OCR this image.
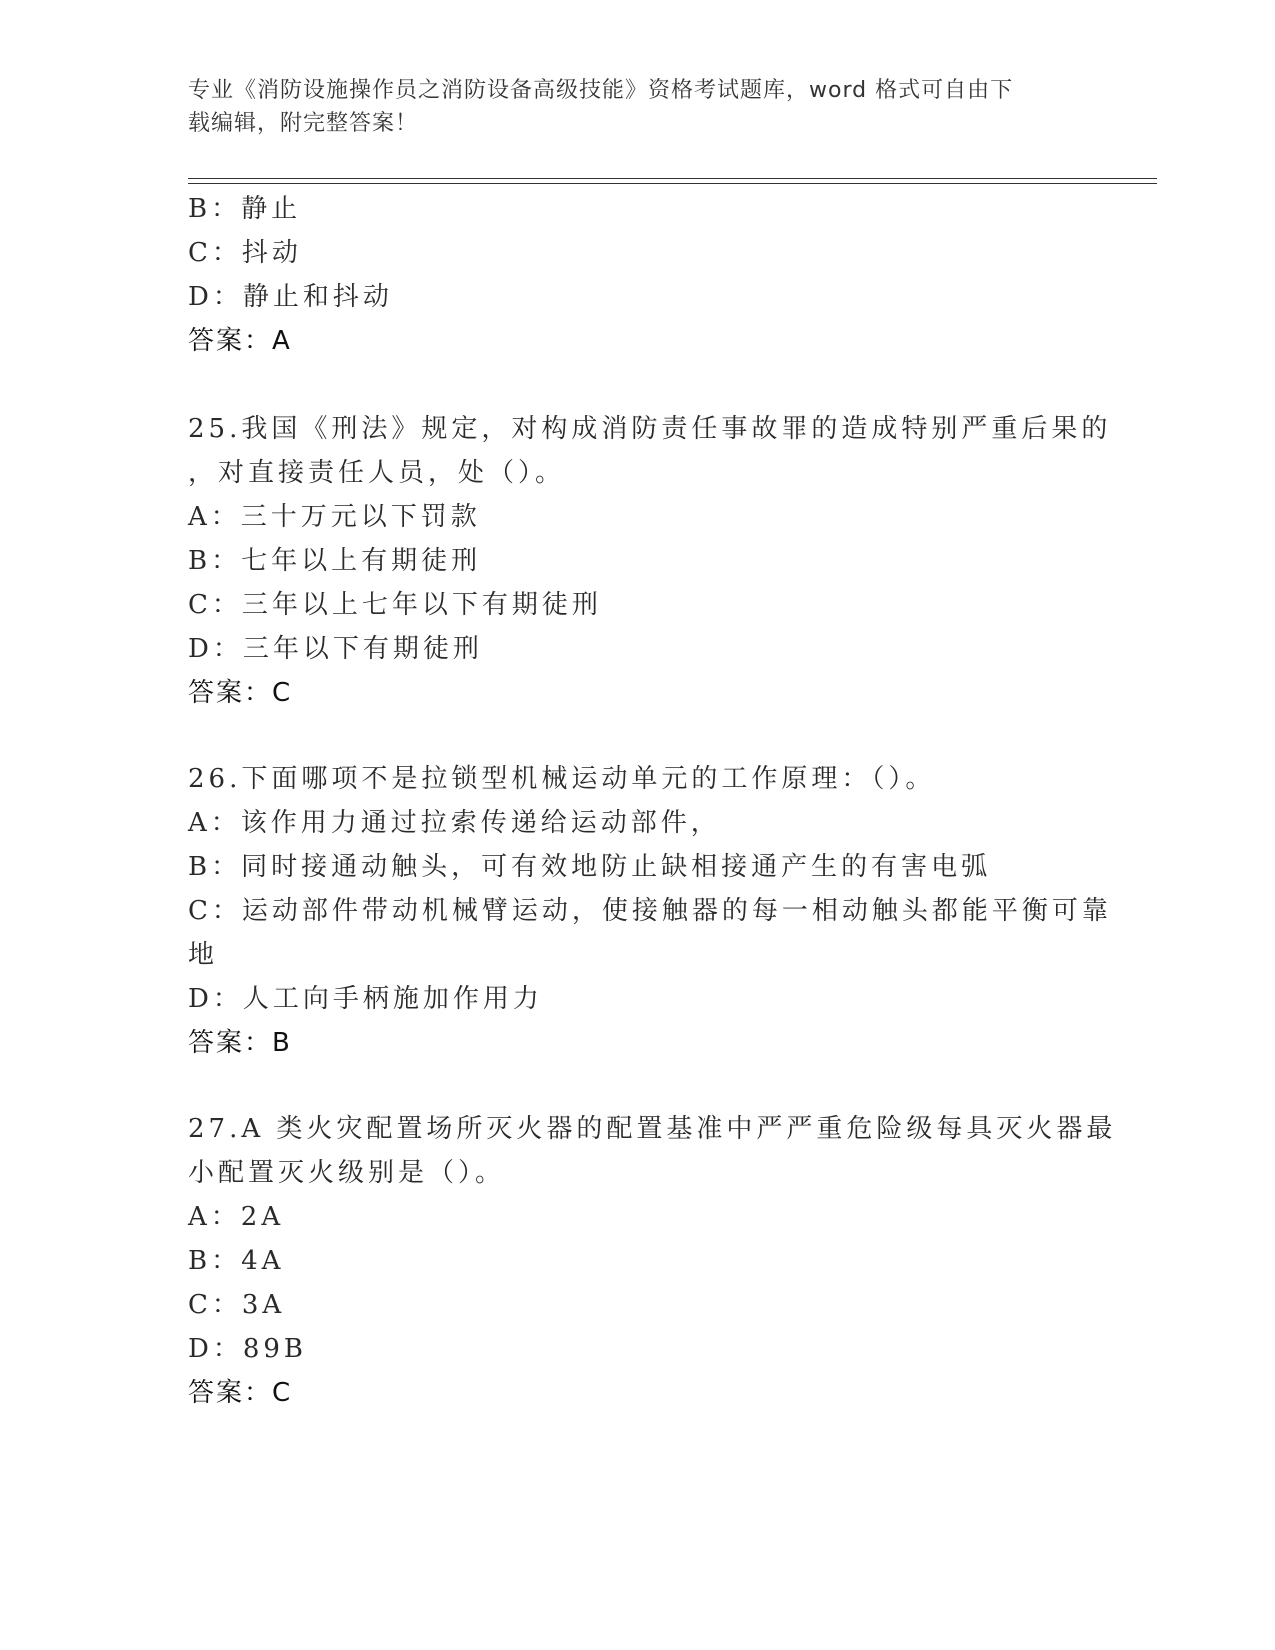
专业《消防设施操作员之消防设备高级技能》资格考试题库，word 格式可自由下
载编辑，附完整答案！
B：静止
C：抖动
D：静止和抖动
答案：A
25.我国《刑法》规定，对构成消防责任事故罪的造成特别严重后果的
，对直接责任人员，处（）。
A：三十万元以下罚款
B：七年以上有期徒刑
C：三年以上七年以下有期徒刑
D：三年以下有期徒刑
答案：C
26.下面哪项不是拉锁型机械运动单元的工作原理：（）。
A：该作用力通过拉索传递给运动部件，
B：同时接通动触头，可有效地防止缺相接通产生的有害电弧
C：运动部件带动机械臂运动，使接触器的每一相动触头都能平衡可靠
地
D：人工向手柄施加作用力
答案：B
27.A 类火灾配置场所灭火器的配置基准中严严重危险级每具灭火器最
小配置灭火级别是（）。
A：2A
B：4A
C：3A
D：89B
答案：C
